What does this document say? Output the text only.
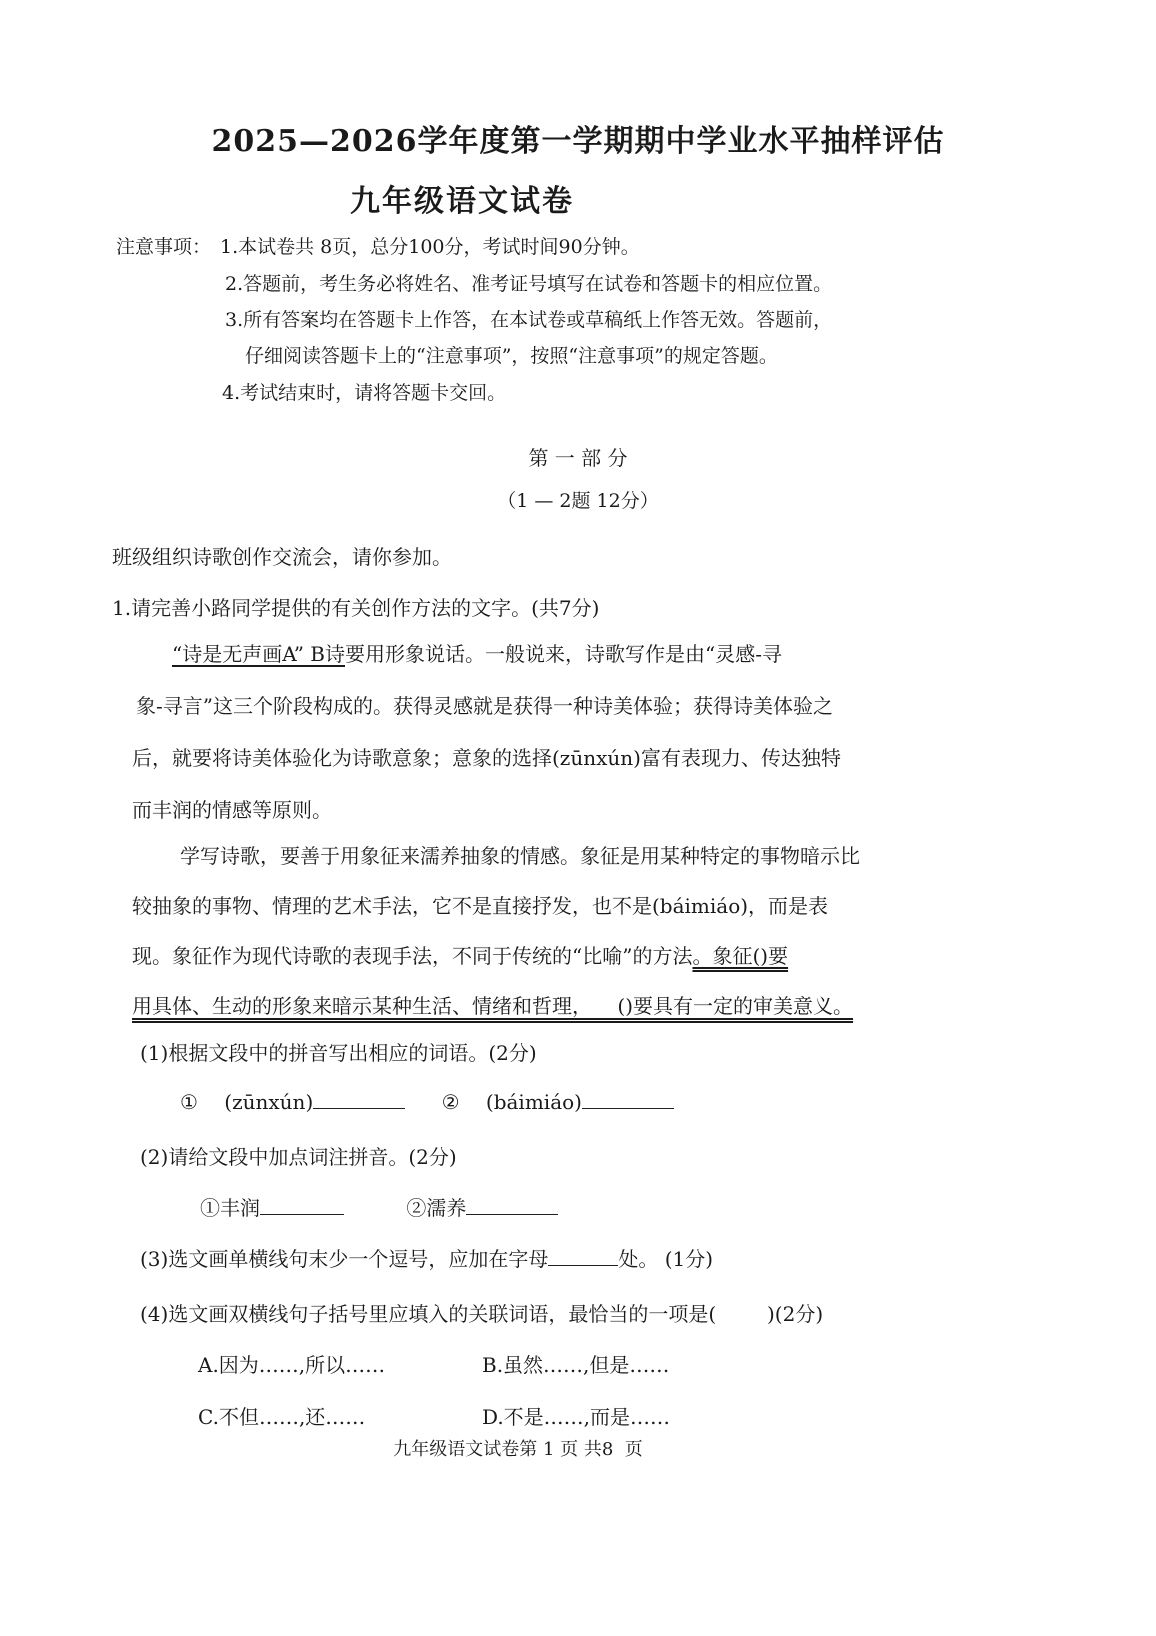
2025—2026学年度第一学期期中学业水平抽样评估
九年级语文试卷
注意事项： 1.本试卷共 8页，总分100分，考试时间90分钟。
2.答题前，考生务必将姓名、准考证号填写在试卷和答题卡的相应位置。
3.所有答案均在答题卡上作答，在本试卷或草稿纸上作答无效。答题前，
仔细阅读答题卡上的“注意事项”，按照“注意事项”的规定答题。
4.考试结束时，请将答题卡交回。
第 一 部 分
（1 — 2题 12分）
班级组织诗歌创作交流会，请你参加。
1.请完善小路同学提供的有关创作方法的文字。(共7分)
“诗是无声画A” B诗要用形象说话。一般说来，诗歌写作是由“灵感-寻
象-寻言”这三个阶段构成的。获得灵感就是获得一种诗美体验；获得诗美体验之
后，就要将诗美体验化为诗歌意象；意象的选择(zūnxún)富有表现力、传达独特
而丰润的情感等原则。
学写诗歌，要善于用象征来濡养抽象的情感。象征是用某种特定的事物暗示比
较抽象的事物、情理的艺术手法，它不是直接抒发，也不是(báimiáo)，而是表
现。象征作为现代诗歌的表现手法，不同于传统的“比喻”的方法。象征()要
用具体、生动的形象来暗示某种生活、情绪和哲理，    ()要具有一定的审美意义。
(1)根据文段中的拼音写出相应的词语。(2分)
① (zūnxún)	② (báimiáo)
(2)请给文段中加点词注拼音。(2分)
①丰润	②濡养
(3)选文画单横线句末少一个逗号，应加在字母	处。 (1分)
(4)选文画双横线句子括号里应填入的关联词语，最恰当的一项是(        )(2分)
A.因为……,所以……	B.虽然……,但是……
C.不但……,还……	D.不是……,而是……
九年级语文试卷第 1 页 共8  页
